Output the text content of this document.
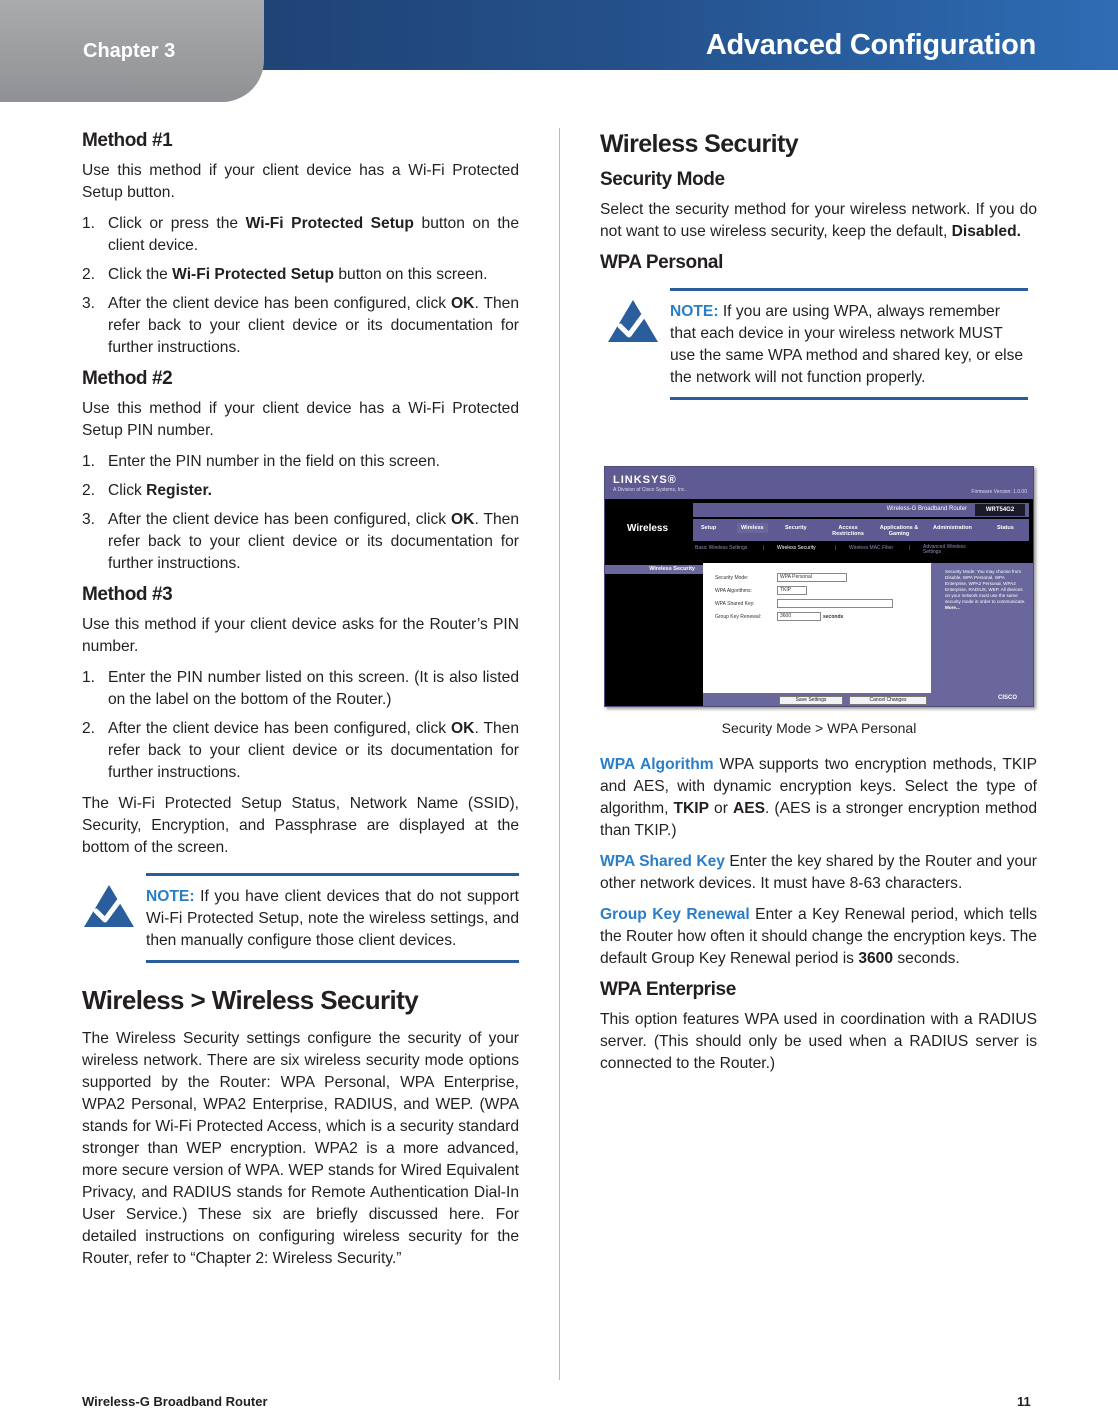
Chapter 3	Advanced Configuration
Method #1

Use this method if your client device has a Wi-Fi Protected Setup button.

1. Click or press the Wi-Fi Protected Setup button on the client device.
2. Click the Wi-Fi Protected Setup button on this screen.
3. After the client device has been configured, click OK. Then refer back to your client device or its documentation for further instructions.
Method #2

Use this method if your client device has a Wi-Fi Protected Setup PIN number.

1. Enter the PIN number in the field on this screen.
2. Click Register.
3. After the client device has been configured, click OK. Then refer back to your client device or its documentation for further instructions.
Method #3

Use this method if your client device asks for the Router’s PIN number.

1. Enter the PIN number listed on this screen. (It is also listed on the label on the bottom of the Router.)
2. After the client device has been configured, click OK. Then refer back to your client device or its documentation for further instructions.

The Wi-Fi Protected Setup Status, Network Name (SSID), Security, Encryption, and Passphrase are displayed at the bottom of the screen.

NOTE: If you have client devices that do not support Wi-Fi Protected Setup, note the wireless settings, and then manually configure those client devices.
Wireless > Wireless Security

The Wireless Security settings configure the security of your wireless network. There are six wireless security mode options supported by the Router: WPA Personal, WPA Enterprise, WPA2 Personal, WPA2 Enterprise, RADIUS, and WEP. (WPA stands for Wi-Fi Protected Access, which is a security standard stronger than WEP encryption. WPA2 is a more advanced, more secure version of WPA. WEP stands for Wired Equivalent Privacy, and RADIUS stands for Remote Authentication Dial-In User Service.) These six are briefly discussed here. For detailed instructions on configuring wireless security for the Router, refer to “Chapter 2: Wireless Security.”

Wireless Security
Security Mode

Select the security method for your wireless network. If you do not want to use wireless security, keep the default, Disabled.

WPA Personal
NOTE: If you are using WPA, always remember that each device in your wireless network MUST use the same WPA method and shared key, or else the network will not function properly.
LINKSYS®
A Division of Cisco Systems, Inc.	Firmware Version: 1.0.00
Wireless
Wireless-G Broadband Router	WRT54G2
Setup	Wireless	Security	Access Restrictions
Applications & Gaming
Administration	Status
Basic Wireless Settings	|	Wireless Security	|	Wireless MAC Filter	|	Advanced Wireless Settings
Wireless Security
Security Mode:	WPA Personal
WPA Algorithms:	TKIP
WPA Shared Key:
Group Key Renewal:	3600	seconds
Security Mode: You may choose from Disable, WPA Personal, WPA Enterprise, WPA2 Personal, WPA2 Enterprise, RADIUS, WEP. All devices on your network must use the same security mode in order to communicate.
More...
Save Settings	Cancel Changes	CISCO
Security Mode > WPA Personal

WPA Algorithm WPA supports two encryption methods, TKIP and AES, with dynamic encryption keys. Select the type of algorithm, TKIP or AES. (AES is a stronger encryption method than TKIP.)

WPA Shared Key Enter the key shared by the Router and your other network devices. It must have 8-63 characters.

Group Key Renewal Enter a Key Renewal period, which tells the Router how often it should change the encryption keys. The default Group Key Renewal period is 3600 seconds.

WPA Enterprise

This option features WPA used in coordination with a RADIUS server. (This should only be used when a RADIUS server is connected to the Router.)

Wireless-G Broadband Router	11
